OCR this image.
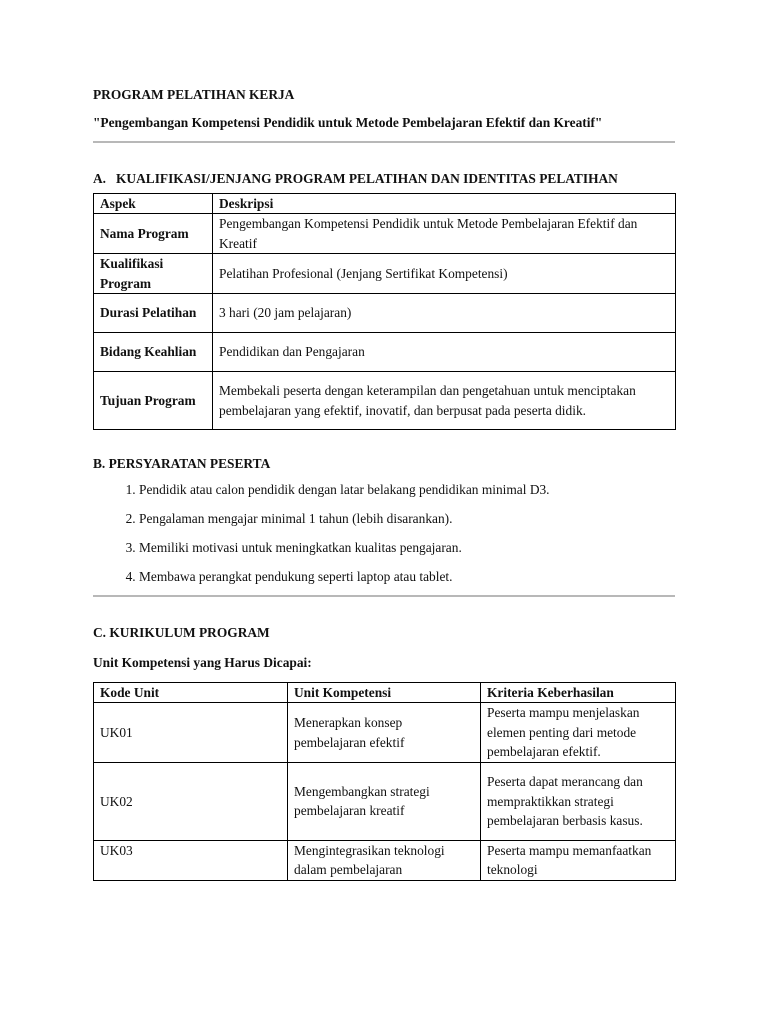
PROGRAM PELATIHAN KERJA

"Pengembangan Kompetensi Pendidik untuk Metode Pembelajaran Efektif dan Kreatif"

A. KUALIFIKASI/JENJANG PROGRAM PELATIHAN DAN IDENTITAS PELATIHAN
Aspek	Deskripsi
Nama Program	Pengembangan Kompetensi Pendidik untuk Metode Pembelajaran Efektif dan Kreatif
Kualifikasi Program	Pelatihan Profesional (Jenjang Sertifikat Kompetensi)
Durasi Pelatihan	3 hari (20 jam pelajaran)
Bidang Keahlian	Pendidikan dan Pengajaran
Tujuan Program	Membekali peserta dengan keterampilan dan pengetahuan untuk menciptakan pembelajaran yang efektif, inovatif, dan berpusat pada peserta didik.

B. PERSYARATAN PESERTA

1. Pendidik atau calon pendidik dengan latar belakang pendidikan minimal D3.
2. Pengalaman mengajar minimal 1 tahun (lebih disarankan).
3. Memiliki motivasi untuk meningkatkan kualitas pengajaran.
4. Membawa perangkat pendukung seperti laptop atau tablet.

C. KURIKULUM PROGRAM

Unit Kompetensi yang Harus Dicapai:

Kode Unit	Unit Kompetensi	Kriteria Keberhasilan
UK01	Menerapkan konsep pembelajaran efektif	Peserta mampu menjelaskan elemen penting dari metode pembelajaran efektif.
UK02	Mengembangkan strategi pembelajaran kreatif	Peserta dapat merancang dan mempraktikkan strategi pembelajaran berbasis kasus.
UK03	Mengintegrasikan teknologi dalam pembelajaran	Peserta mampu memanfaatkan teknologi
